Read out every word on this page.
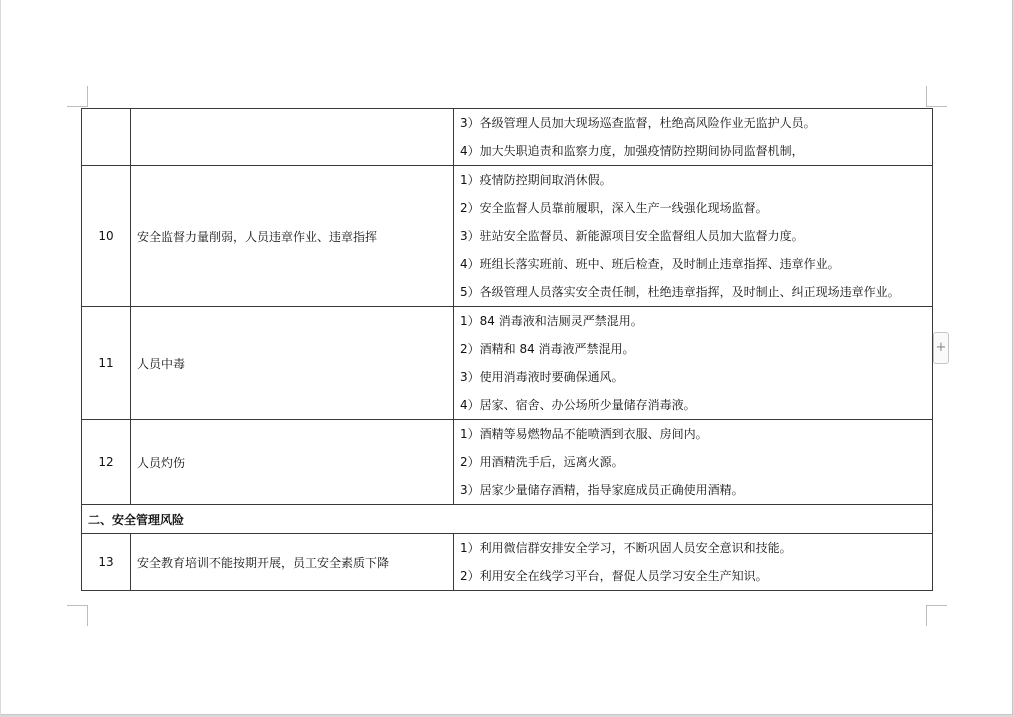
		3）各级管理人员加大现场巡查监督，杜绝高风险作业无监护人员。
4）加大失职追责和监察力度，加强疫情防控期间协同监督机制，

10	安全监督力量削弱，人员违章作业、违章指挥	1）疫情防控期间取消休假。
2）安全监督人员靠前履职，深入生产一线强化现场监督。
3）驻站安全监督员、新能源项目安全监督组人员加大监督力度。
4）班组长落实班前、班中、班后检查，及时制止违章指挥、违章作业。
5）各级管理人员落实安全责任制，杜绝违章指挥，及时制止、纠正现场违章作业。

11	人员中毒	1）84 消毒液和洁厕灵严禁混用。
2）酒精和 84 消毒液严禁混用。
3）使用消毒液时要确保通风。
4）居家、宿舍、办公场所少量储存消毒液。

12	人员灼伤	1）酒精等易燃物品不能喷洒到衣服、房间内。
2）用酒精洗手后，远离火源。
3）居家少量储存酒精，指导家庭成员正确使用酒精。

二、安全管理风险		
13	安全教育培训不能按期开展，员工安全素质下降	1）利用微信群安排安全学习，不断巩固人员安全意识和技能。
2）利用安全在线学习平台，督促人员学习安全生产知识。
+
